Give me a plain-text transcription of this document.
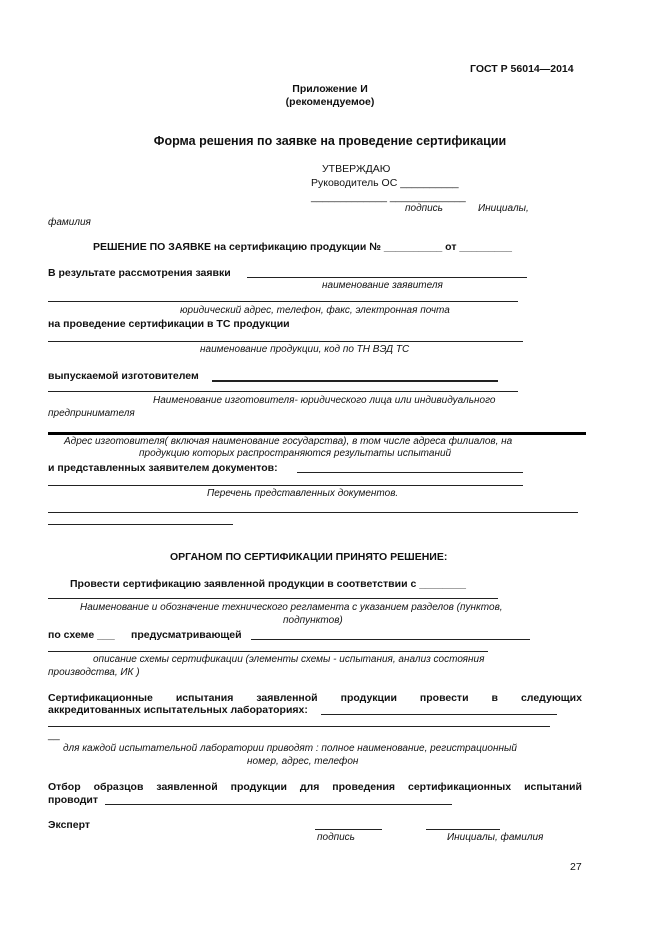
ГОСТ Р 56014—2014
Приложение И
(рекомендуемое)
Форма решения по заявке на проведение сертификации
УТВЕРЖДАЮ
Руководитель ОС __________
_____________ _____________
подпись	Инициалы,
фамилия
РЕШЕНИЕ ПО ЗАЯВКЕ на сертификацию продукции № __________ от _________
В результате рассмотрения заявки
наименование заявителя
юридический адрес, телефон, факс, электронная почта
на проведение сертификации в ТС продукции
наименование продукции, код по ТН ВЭД ТС
выпускаемой изготовителем
Наименование изготовителя- юридического лица или индивидуального
предпринимателя
Адрес изготовителя( включая наименование государства), в том числе адреса филиалов, на
продукцию которых распространяются результаты испытаний
и представленных заявителем документов:
Перечень представленных документов.
ОРГАНОМ ПО СЕРТИФИКАЦИИ ПРИНЯТО РЕШЕНИЕ:
Провести сертификацию заявленной продукции в соответствии с ________
Наименование и обозначение технического регламента с указанием разделов (пунктов,
подпунктов)
по схеме ___ предусматривающей
описание схемы сертификации (элементы схемы - испытания, анализ состояния
производства, ИК )
Сертификационные испытания заявленной продукции провести в следующих
аккредитованных испытательных лабораториях:
__
для каждой испытательной лаборатории приводят : полное наименование, регистрационный
номер, адрес, телефон
Отбор образцов заявленной продукции для проведения сертификационных испытаний
проводит
Эксперт
подпись	Инициалы, фамилия
27
